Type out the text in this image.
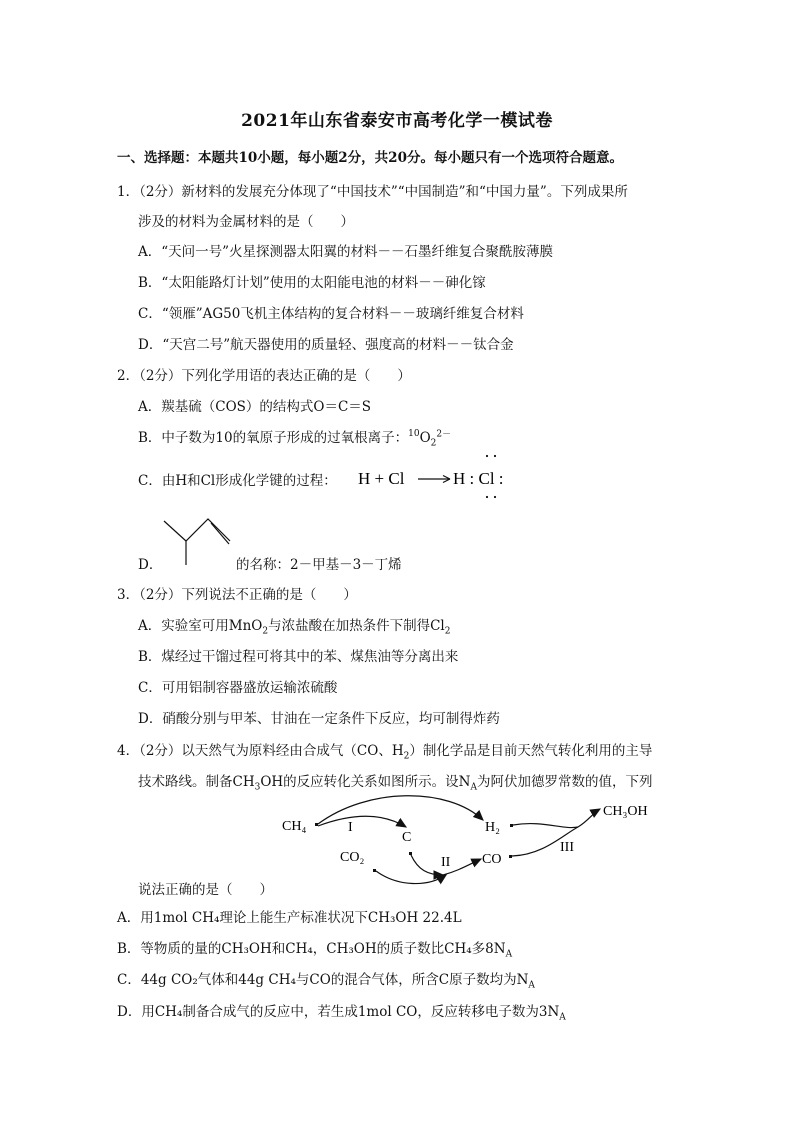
2021年山东省泰安市高考化学一模试卷
一、选择题：本题共10小题，每小题2分，共20分。每小题只有一个选项符合题意。
1．（2分）新材料的发展充分体现了“中国技术”“中国制造”和“中国力量”。下列成果所
涉及的材料为金属材料的是（　　）
A．“天问一号”火星探测器太阳翼的材料－－石墨纤维复合聚酰胺薄膜
B．“太阳能路灯计划”使用的太阳能电池的材料－－砷化镓
C．“领雁”AG50飞机主体结构的复合材料－－玻璃纤维复合材料
D．“天宫二号”航天器使用的质量轻、强度高的材料－－钛合金
2．（2分）下列化学用语的表达正确的是（　　）
A．羰基硫（COS）的结构式O＝C＝S
B．中子数为10的氧原子形成的过氧根离子：$^{10}O_2^{2-}$
H + Cl	H : Cl :
C．由H和Cl形成化学键的过程：
D．	的名称：2－甲基－3－丁烯
3．（2分）下列说法不正确的是（　　）
A．实验室可用MnO$_2$与浓盐酸在加热条件下制得$Cl_2$
B．煤经过干馏过程可将其中的苯、煤焦油等分离出来
C．可用铝制容器盛放运输浓硫酸
D．硝酸分别与甲苯、甘油在一定条件下反应，均可制得炸药
4．（2分）以天然气为原料经由合成气（CO、$H_2$）制化学品是目前天然气转化利用的主导
技术路线。制备$CH_3OH$的反应转化关系如图所示。设$N_A$为阿伏加德罗常数的值，下列
CH₄
CO₂
C
H₂
CO
CH₃OH
I
II
III
说法正确的是（　　）
A．用1mol CH₄理论上能生产标准状况下CH₃OH 22.4L
B．等物质的量的CH₃OH和CH₄，CH₃OH的质子数比CH₄多$8N_A$
C．44g CO₂气体和44g CH₄与CO的混合气体，所含C原子数均为$N_A$
D．用CH₄制备合成气的反应中，若生成1mol CO，反应转移电子数为$3N_A$
